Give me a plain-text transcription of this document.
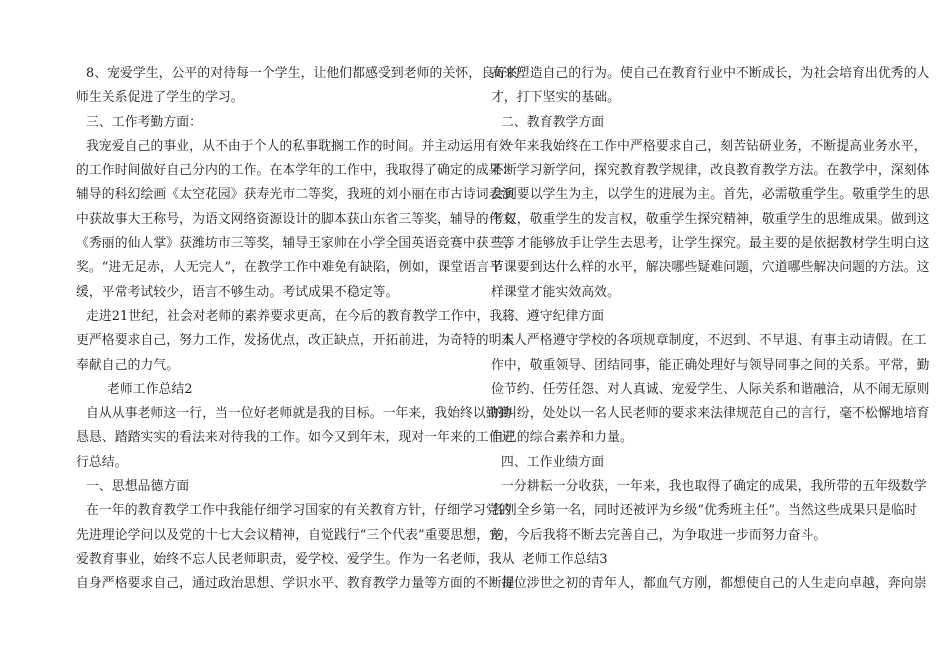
8、宠爱学生，公平的对待每一个学生，让他们都感受到老师的关怀，良好的
师生关系促进了学生的学习。
三、工作考勤方面：
我宠爱自己的事业，从不由于个人的私事耽搁工作的时间。并主动运用有效
的工作时间做好自己分内的工作。在本学年的工作中，我取得了确定的成果：
辅导的科幻绘画《太空花园》获寿光市二等奖，我班的刘小丽在市古诗词表演
中获故事大王称号，为语文网络资源设计的脚本获山东省三等奖，辅导的作文
《秀丽的仙人掌》获潍坊市三等奖，辅导王家帅在小学全国英语竞赛中获三等
奖。“进无足赤，人无完人”，在教学工作中难免有缺陷，例如，课堂语言平
缓，平常考试较少，语言不够生动。考试成果不稳定等。
走进21世纪，社会对老师的素养要求更高，在今后的教育教学工作中，我将
更严格要求自己，努力工作，发扬优点，改正缺点，开拓前进，为奇特的明天
奉献自己的力气。
老师工作总结2
自从从事老师这一行，当一位好老师就是我的目标。一年来，我始终以勤勤
恳恳、踏踏实实的看法来对待我的工作。如今又到年末，现对一年来的工作进
行总结。
一、思想品德方面
在一年的教育教学工作中我能仔细学习国家的有关教育方针，仔细学习党的
先进理论学问以及党的十七大会议精神，自觉践行“三个代表”重要思想，宠
爱教育事业，始终不忘人民老师职责，爱学校、爱学生。作为一名老师，我从
自身严格要求自己，通过政治思想、学识水平、教育教学力量等方面的不断提
高来塑造自己的行为。使自己在教育行业中不断成长，为社会培育出优秀的人
才，打下坚实的基础。
二、教育教学方面
一年来我始终在工作中严格要求自己，刻苦钻研业务，不断提高业务水平，
不断学习新学问，探究教育教学规律，改良教育教学方法。在教学中，深刻体
会到要以学生为主，以学生的进展为主。首先，必需敬重学生。敬重学生的思
考权，敬重学生的发言权，敬重学生探究精神，敬重学生的思维成果。做到这
些，才能够放手让学生去思考，让学生探究。最主要的是依据教材学生明白这
节课要到达什么样的水平，解决哪些疑难问题，穴道哪些解决问题的方法。这
样课堂才能实效高效。
三、遵守纪律方面
本人严格遵守学校的各项规章制度，不迟到、不早退、有事主动请假。在工
作中，敬重领导、团结同事，能正确处理好与领导同事之间的关系。平常，勤
俭节约、任劳任怨、对人真诚、宠爱学生、人际关系和谐融洽，从不闹无原则
的纠纷，处处以一名人民老师的要求来法律规范自己的言行，毫不松懈地培育
自己的综合素养和力量。
四、工作业绩方面
一分耕耘一分收获，一年来，我也取得了确定的成果，我所带的五年级数学
名列全乡第一名，同时还被评为乡级“优秀班主任”。当然这些成果只是临时
的，今后我将不断去完善自己，为争取进一步而努力奋斗。
老师工作总结3
每位涉世之初的青年人，都血气方刚，都想使自己的人生走向卓越，奔向崇
